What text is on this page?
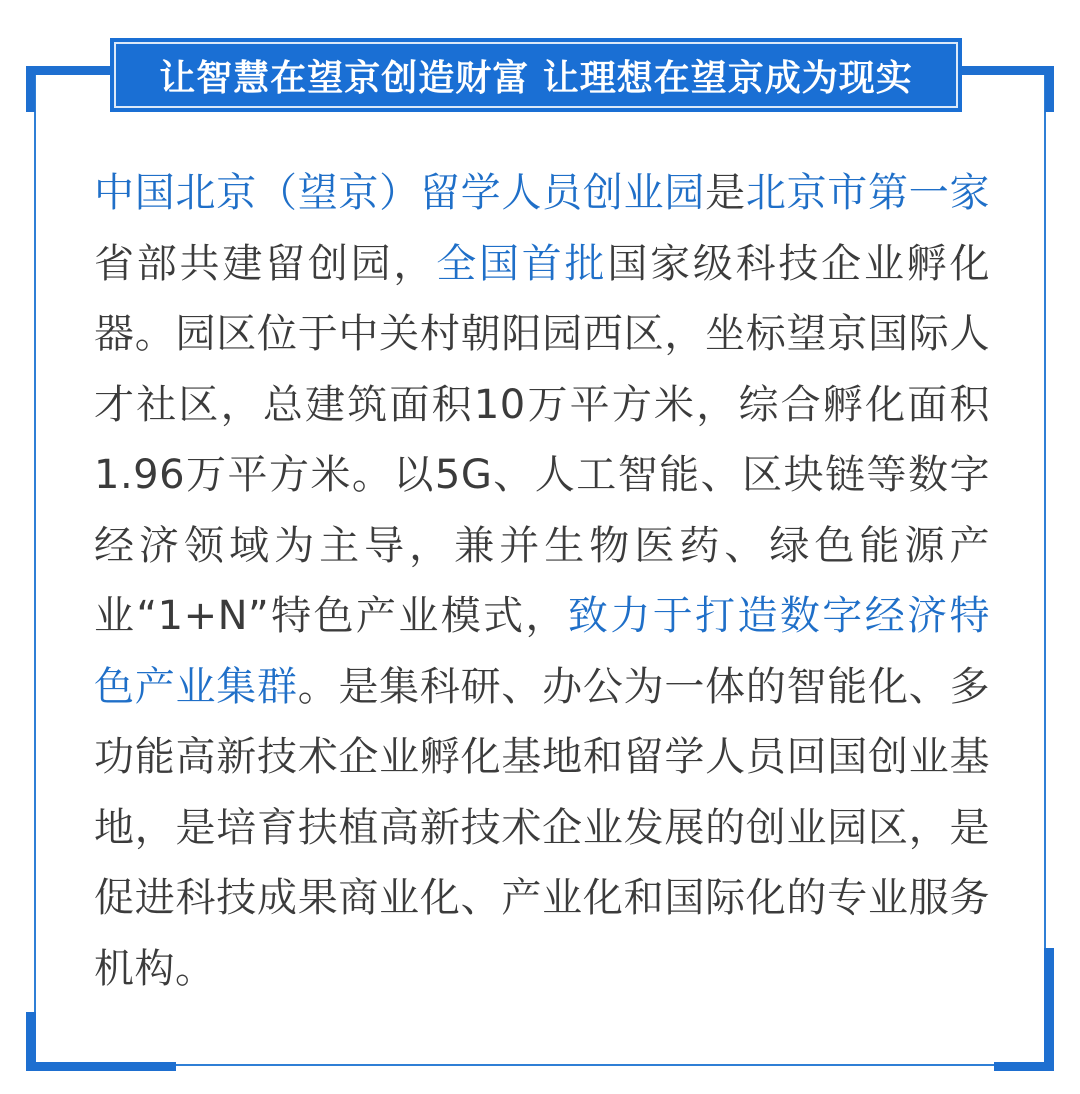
让智慧在望京创造财富 让理想在望京成为现实

中国北京（望京）留学人员创业园是北京市第一家省部共建留创园，全国首批国家级科技企业孵化器。园区位于中关村朝阳园西区，坐标望京国际人才社区，总建筑面积10万平方米，综合孵化面积1.96万平方米。以5G、人工智能、区块链等数字经济领域为主导，兼并生物医药、绿色能源产业“1+N”特色产业模式，致力于打造数字经济特色产业集群。是集科研、办公为一体的智能化、多功能高新技术企业孵化基地和留学人员回国创业基地，是培育扶植高新技术企业发展的创业园区，是促进科技成果商业化、产业化和国际化的专业服务机构。
